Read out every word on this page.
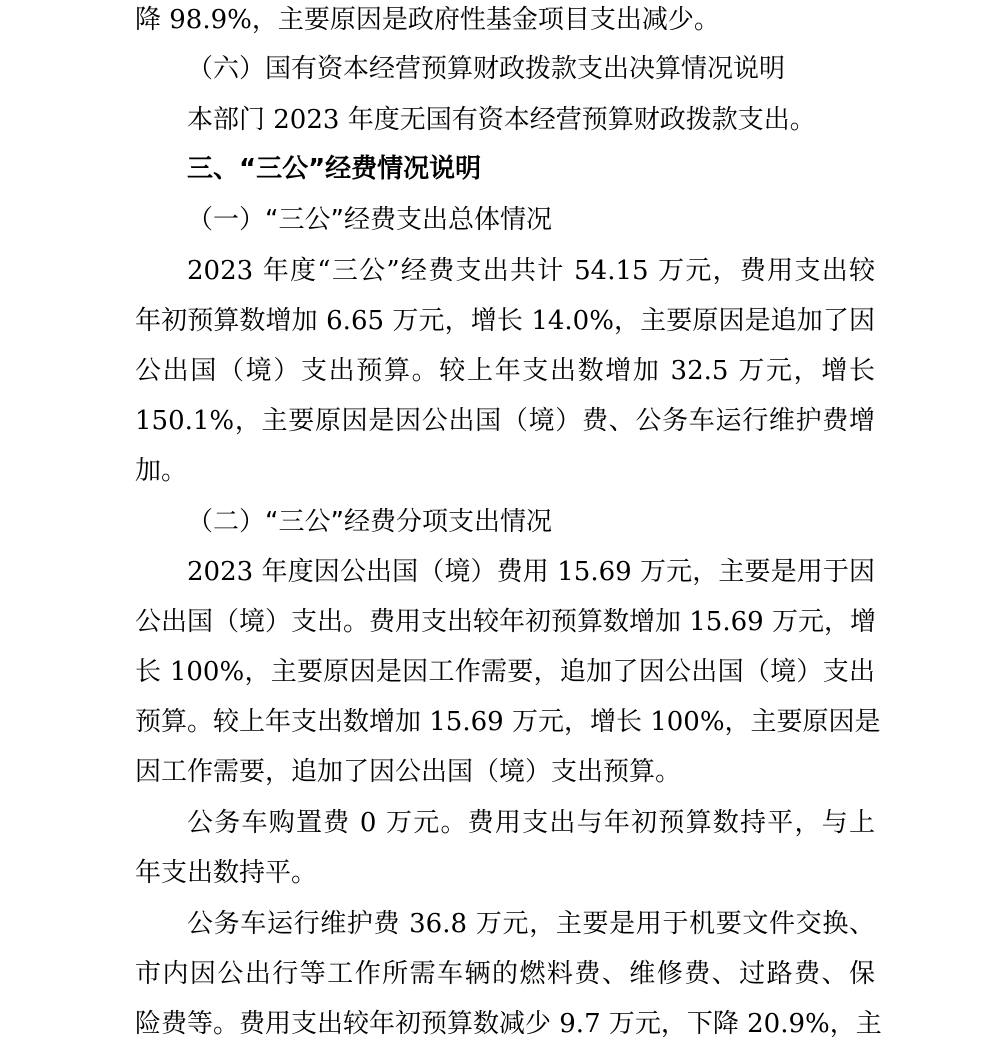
降 98.9%，主要原因是政府性基金项目支出减少。
（六）国有资本经营预算财政拨款支出决算情况说明
本部门 2023 年度无国有资本经营预算财政拨款支出。
三、“三公”经费情况说明
（一）“三公”经费支出总体情况
2023 年度“三公”经费支出共计 54.15 万元，费用支出较
年初预算数增加 6.65 万元，增长 14.0%，主要原因是追加了因
公出国（境）支出预算。较上年支出数增加 32.5 万元，增长
150.1%，主要原因是因公出国（境）费、公务车运行维护费增
加。
（二）“三公”经费分项支出情况
2023 年度因公出国（境）费用 15.69 万元，主要是用于因
公出国（境）支出。费用支出较年初预算数增加 15.69 万元，增
长 100%，主要原因是因工作需要，追加了因公出国（境）支出
预算。较上年支出数增加 15.69 万元，增长 100%，主要原因是
因工作需要，追加了因公出国（境）支出预算。
公务车购置费 0 万元。费用支出与年初预算数持平，与上
年支出数持平。
公务车运行维护费 36.8 万元，主要是用于机要文件交换、
市内因公出行等工作所需车辆的燃料费、维修费、过路费、保
险费等。费用支出较年初预算数减少 9.7 万元，下降 20.9%，主
